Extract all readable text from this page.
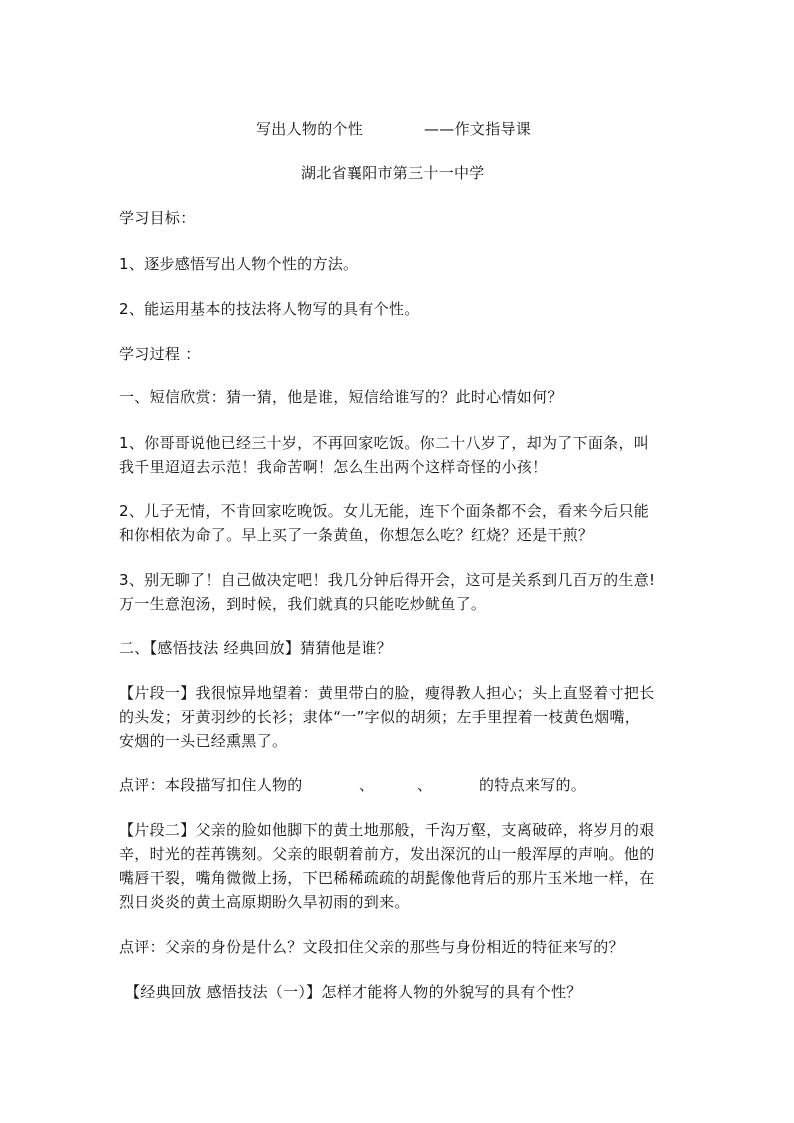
写出人物的个性	——作文指导课
湖北省襄阳市第三十一中学
学习目标：
1、逐步感悟写出人物个性的方法。
2、能运用基本的技法将人物写的具有个性。
学习过程 ：
一、短信欣赏：猜一猜，他是谁，短信给谁写的？此时心情如何？
1、你哥哥说他已经三十岁，不再回家吃饭。你二十八岁了，却为了下面条，叫
我千里迢迢去示范！我命苦啊！怎么生出两个这样奇怪的小孩！
2、儿子无情，不肯回家吃晚饭。女儿无能，连下个面条都不会，看来今后只能
和你相依为命了。早上买了一条黄鱼，你想怎么吃？红烧？还是干煎？
3、别无聊了！自己做决定吧！我几分钟后得开会，这可是关系到几百万的生意!
万一生意泡汤，到时候，我们就真的只能吃炒鱿鱼了。
二、【感悟技法 经典回放】猜猜他是谁？
【片段一】我很惊异地望着：黄里带白的脸，瘦得教人担心；头上直竖着寸把长
的头发；牙黄羽纱的长衫；隶体“一”字似的胡须；左手里捏着一枝黄色烟嘴，
安烟的一头已经熏黑了。
点评：本段描写扣住人物的	、	、	的特点来写的。
【片段二】父亲的脸如他脚下的黄土地那般，千沟万壑，支离破碎，将岁月的艰
辛，时光的茬苒镌刻。父亲的眼朝着前方，发出深沉的山一般浑厚的声响。他的
嘴唇干裂，嘴角微微上扬，下巴稀稀疏疏的胡髭像他背后的那片玉米地一样，在
烈日炎炎的黄土高原期盼久旱初雨的到来。
点评：父亲的身份是什么？文段扣住父亲的那些与身份相近的特征来写的？
【经典回放 感悟技法（一）】怎样才能将人物的外貌写的具有个性？
